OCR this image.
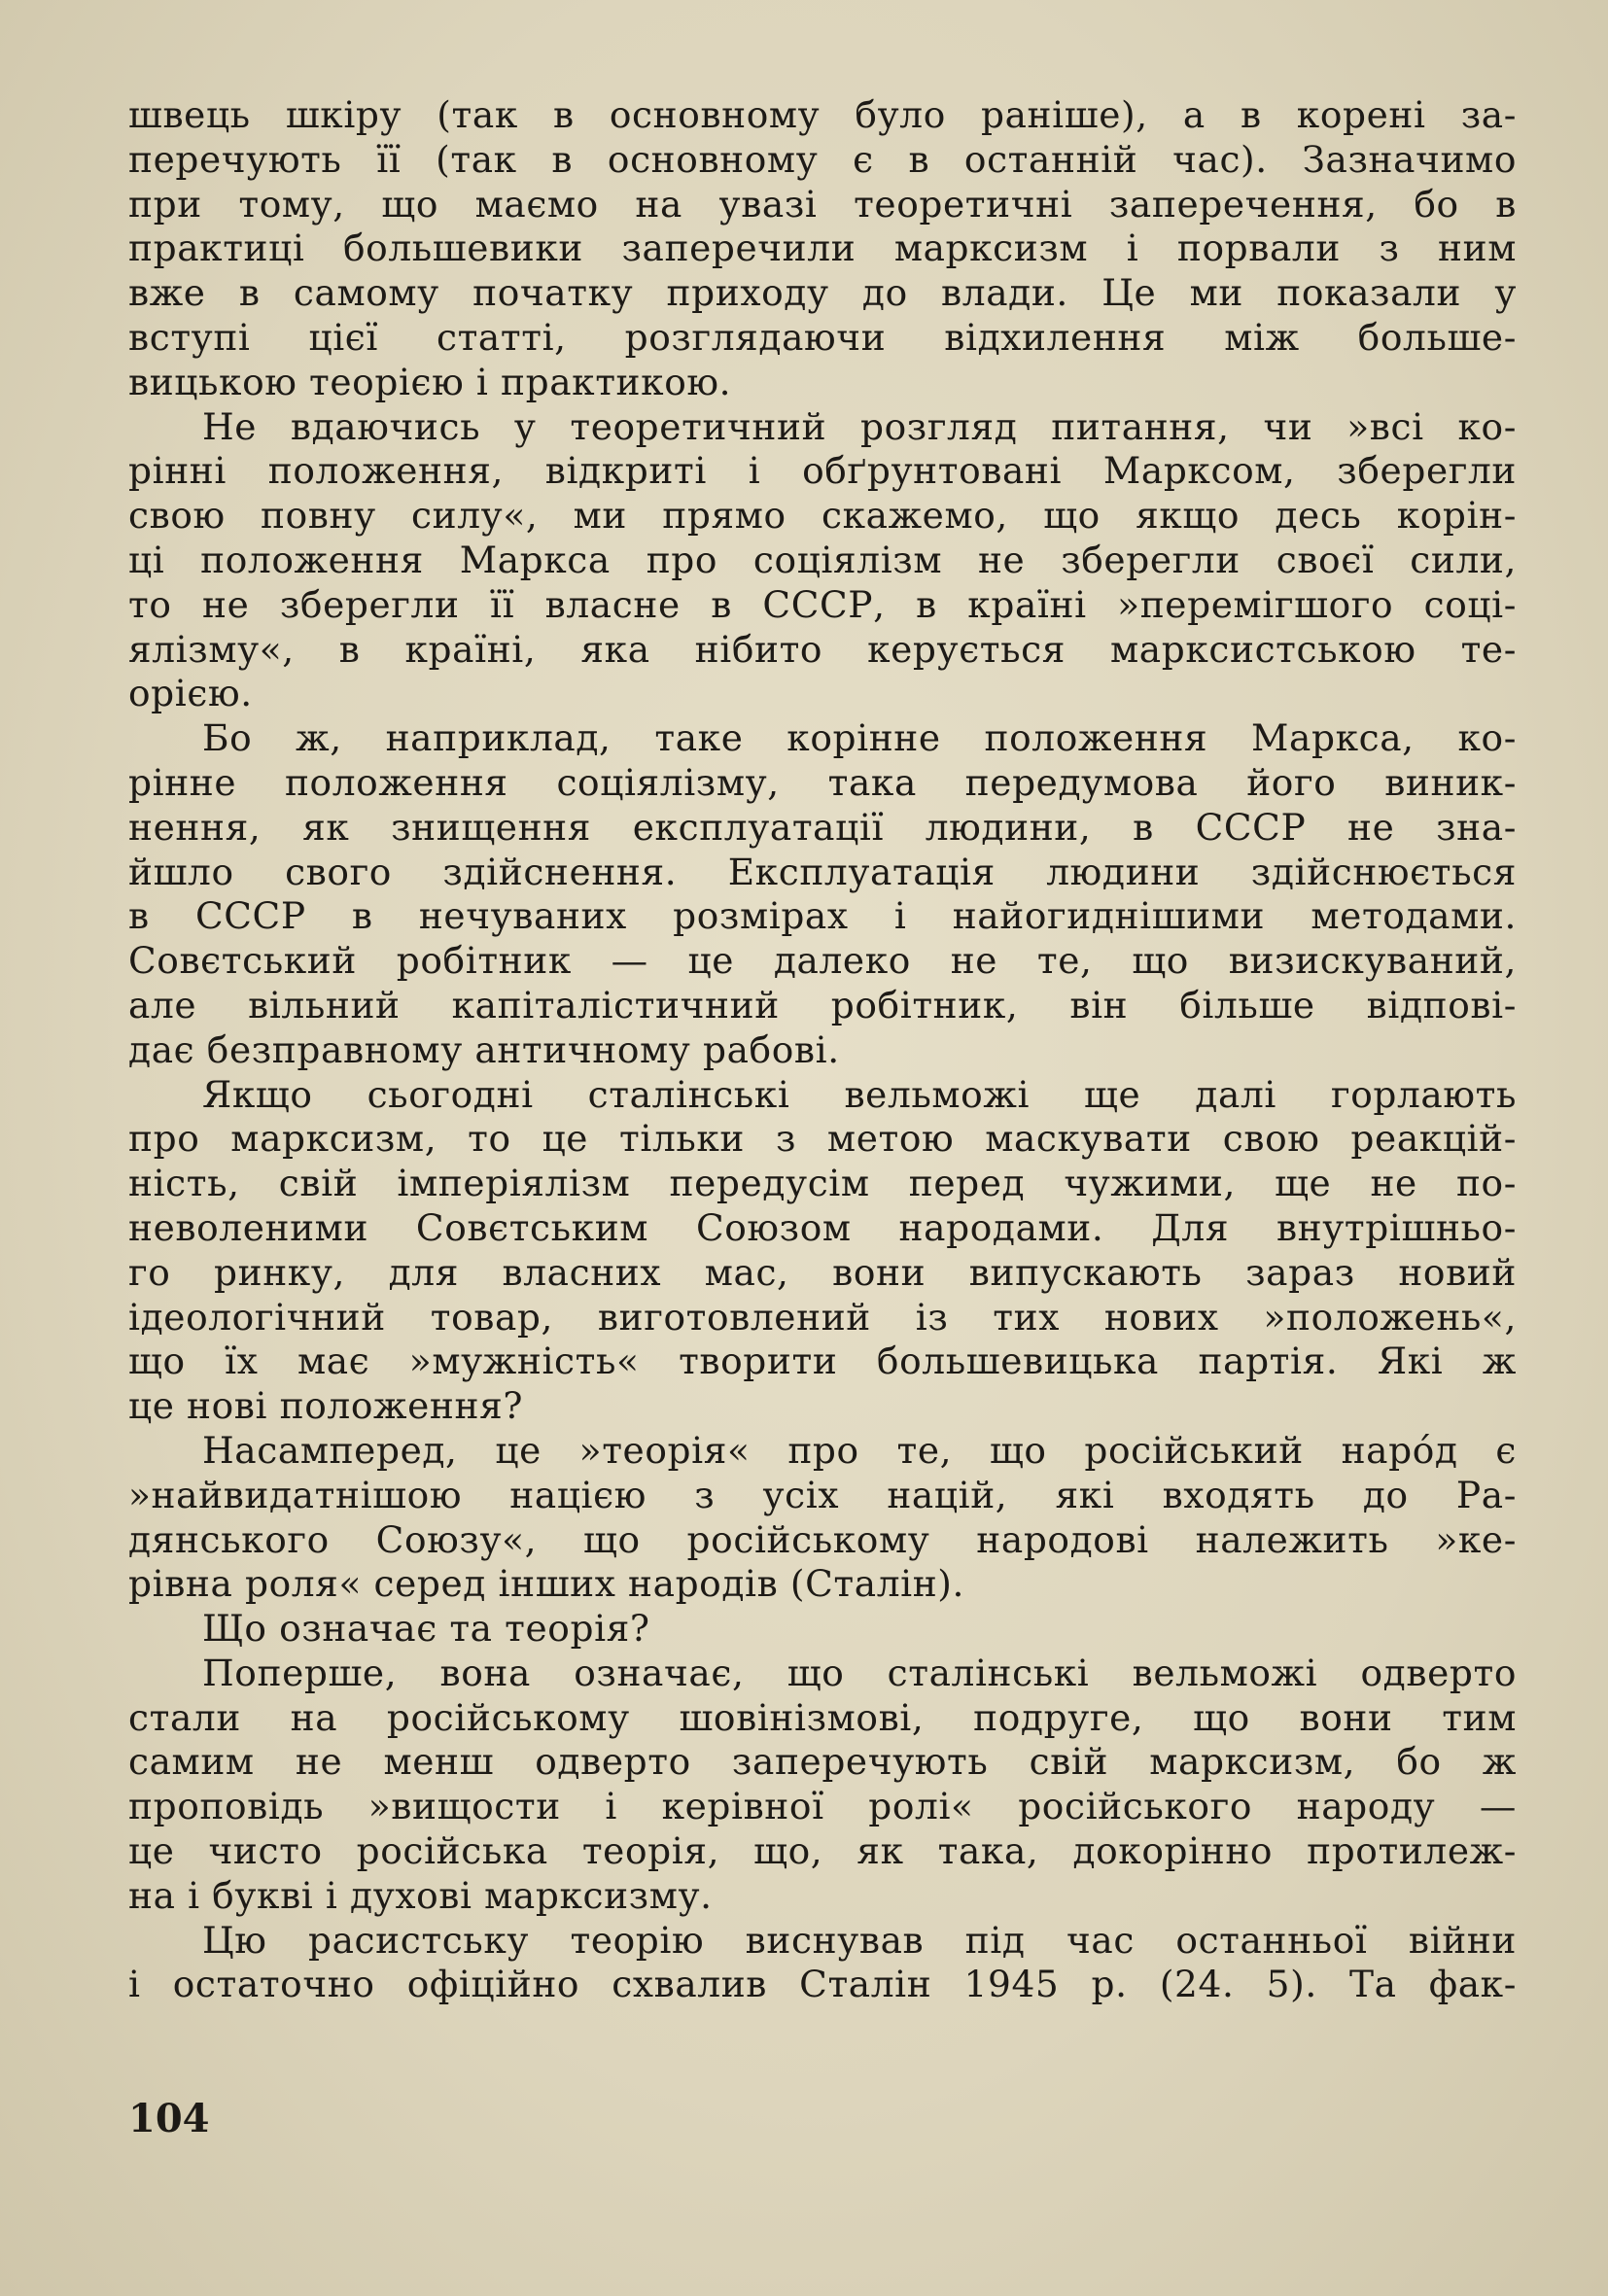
швець шкіру (так в основному було раніше), а в корені за-
перечують її (так в основному є в останній час). Зазначимо
при тому, що маємо на увазі теоретичні заперечення, бо в
практиці большевики заперечили марксизм і порвали з ним
вже в самому початку приходу до влади. Це ми показали у
вступі цієї статті, розглядаючи відхилення між больше-
вицькою теорією і практикою.
Не вдаючись у теоретичний розгляд питання, чи »всі ко-
рінні положення, відкриті і обґрунтовані Марксом, зберегли
свою повну силу«, ми прямо скажемо, що якщо десь корін-
ці положення Маркса про соціялізм не зберегли своєї сили,
то не зберегли її власне в СССР, в країні »перемігшого соці-
ялізму«, в країні, яка нібито керується марксистською те-
орією.
Бо ж, наприклад, таке корінне положення Маркса, ко-
рінне положення соціялізму, така передумова його виник-
нення, як знищення експлуатації людини, в СССР не зна-
йшло свого здійснення. Експлуатація людини здійснюється
в СССР в нечуваних розмірах і найогиднішими методами.
Совєтський робітник — це далеко не те, що визискуваний,
але вільний капіталістичний робітник, він більше відпові-
дає безправному античному рабові.
Якщо сьогодні сталінські вельможі ще далі горлають
про марксизм, то це тільки з метою маскувати свою реакцій-
ність, свій імперіялізм передусім перед чужими, ще не по-
неволеними Совєтським Союзом народами. Для внутрішньо-
го ринку, для власних мас, вони випускають зараз новий
ідеологічний товар, виготовлений із тих нових »положень«,
що їх має »мужність« творити большевицька партія. Які ж
це нові положення?
Насамперед, це »теорія« про те, що російський нарóд є
»найвидатнішою нацією з усіх націй, які входять до Ра-
дянського Союзу«, що російському народові належить »ке-
рівна роля« серед інших народів (Сталін).
Що означає та теорія?
Поперше, вона означає, що сталінські вельможі одверто
стали на російському шовінізмові, подруге, що вони тим
самим не менш одверто заперечують свій марксизм, бо ж
проповідь »вищости і керівної ролі« російського народу —
це чисто російська теорія, що, як така, докорінно протилеж-
на і букві і духові марксизму.
Цю расистську теорію виснував під час останньої війни
і остаточно офіційно схвалив Сталін 1945 р. (24. 5). Та фак-
104
